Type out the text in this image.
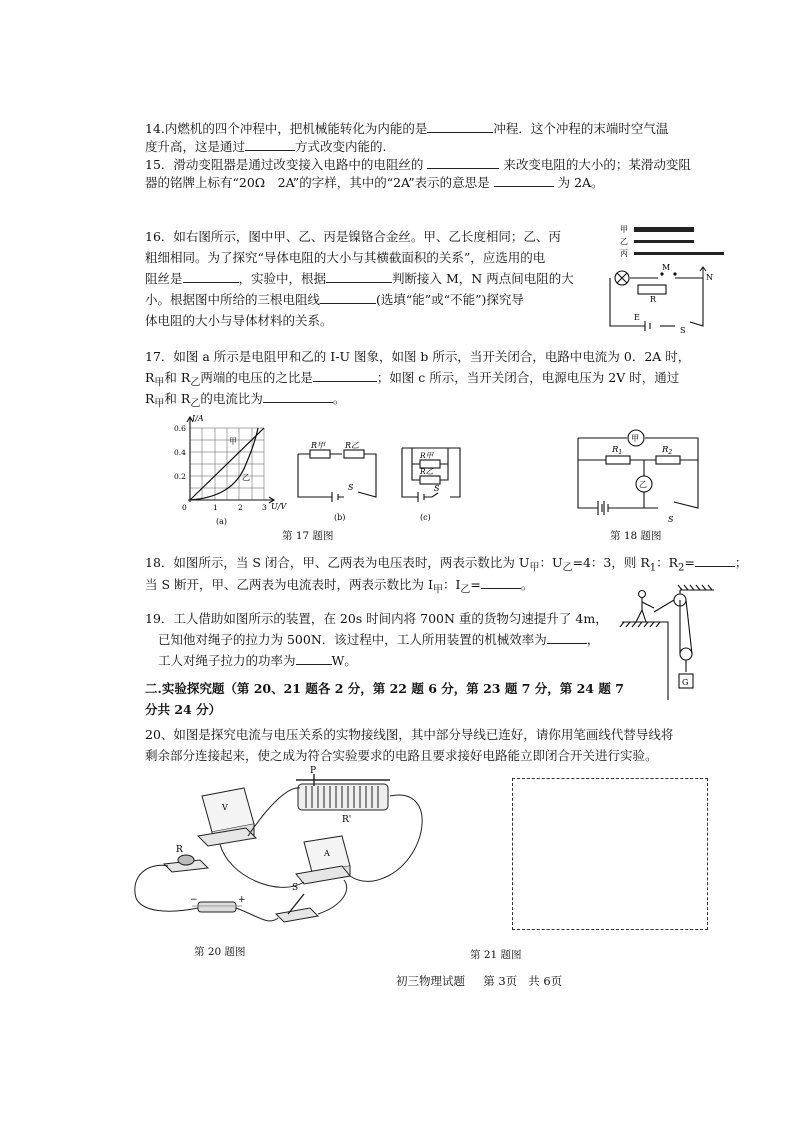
14.内燃机的四个冲程中，把机械能转化为内能的是	冲程．这个冲程的末端时空气温
度升高，这是通过	方式改变内能的.
15．滑动变阻器是通过改变接入电路中的电阻丝的	来改变电阻的大小的；某滑动变阻
器的铭牌上标有“20Ω　2A”的字样，其中的“2A”表示的意思是	为 2A。
16．如右图所示，图中甲、乙、丙是镍铬合金丝。甲、乙长度相同；乙、丙
粗细相同。为了探究“导体电阻的大小与其横截面积的关系”，应选用的电
阻丝是	，实验中，根据	判断接入 M，N 两点间电阻的大
小。根据图中所给的三根电阻线	(选填“能”或“不能”)探究导
体电阻的大小与导体材料的关系。
甲
乙
丙
M
N
R
E
S
17．如图 a 所示是电阻甲和乙的 I-U 图象，如图 b 所示，当开关闭合，电路中电流为 0．2A 时，
$R_甲$和 $R_乙$两端的电压的之比是	；如图 c 所示，当开关闭合，电源电压为 2V 时，通过
$R_甲$和 $R_乙$的电流比为	。
I/A
0.6
0.4
0.2
0	1	2	3 U/V
甲
乙
(a)
R甲 R乙
S
(b)
R甲
R乙
S
(c)
第 17 题图
甲
乙
$R_1$	$R_2$
S
第 18 题图
18．如图所示，当 S 闭合，甲、乙两表为电压表时，两表示数比为 $U_甲$：$U_乙=4$：3，则 $R_1$：$R_2=$	；
当 S 断开，甲、乙两表为电流表时，两表示数比为 $I_甲$：$I_乙=$	。
19．工人借助如图所示的装置，在 20s 时间内将 700N 重的货物匀速提升了 4m，
已知他对绳子的拉力为 500N．该过程中，工人所用装置的机械效率为	，
工人对绳子拉力的功率为	W。
G
二.实验探究题（第 20、21 题各 2 分，第 22 题 6 分，第 23 题 7 分，第 24 题 7
分共 24 分）
20、如图是探究电流与电压关系的实物接线图，其中部分导线已连好，请你用笔画线代替导线将
剩余部分连接起来，使之成为符合实验要求的电路且要求接好电路能立即闭合开关进行实验。
V
A
P
R'
R
S
−	+
第 20 题图	第 21 题图
初三物理试题 第 3页 共 6页
